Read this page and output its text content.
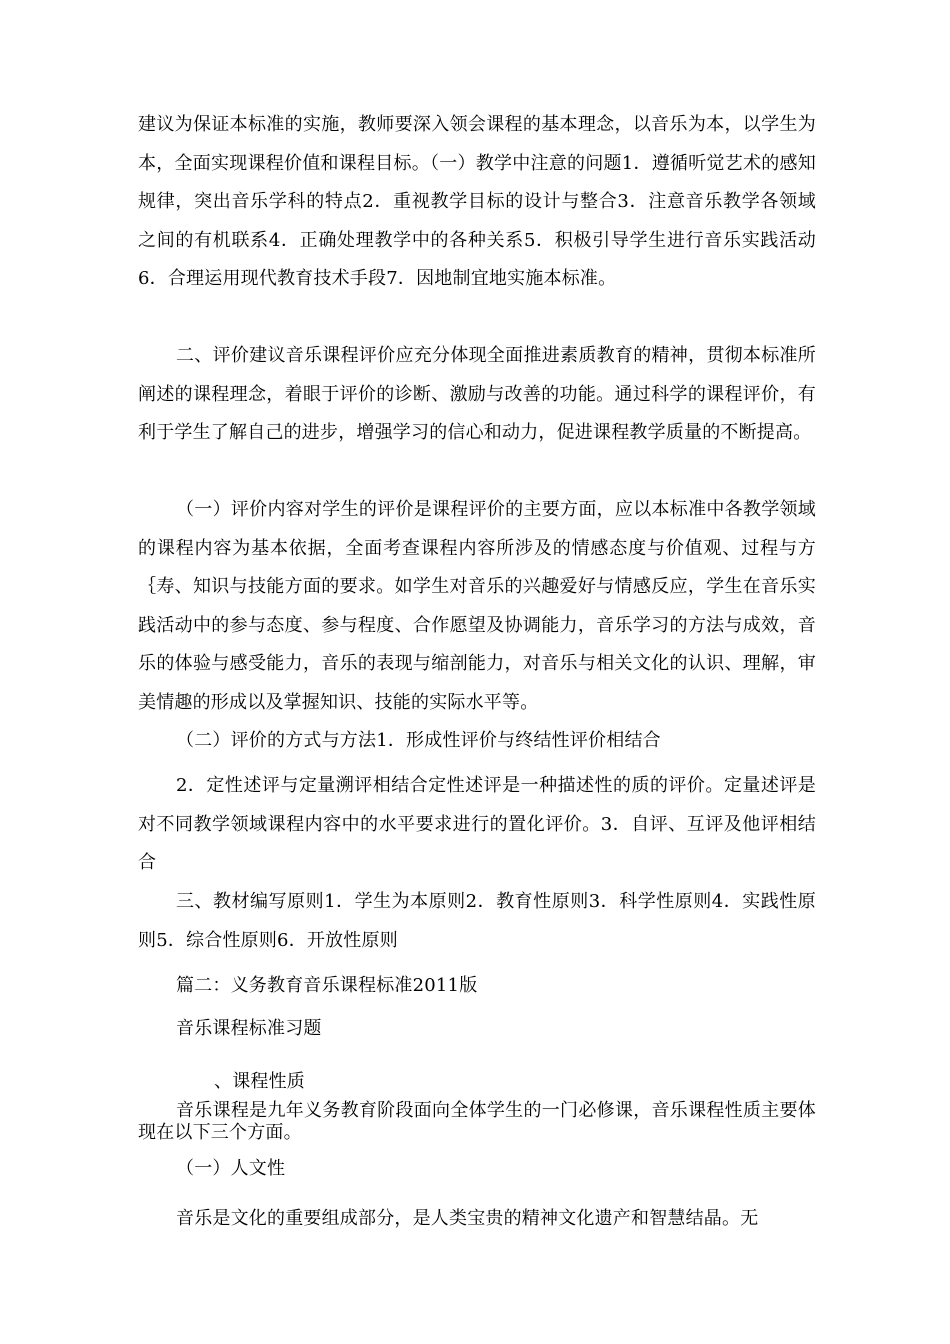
建议为保证本标准的实施，教师要深入领会课程的基本理念，以音乐为本，以学生为本，全面实现课程价值和课程目标。（一）教学中注意的问题1．遵循听觉艺术的感知规律，突出音乐学科的特点2．重视教学目标的设计与整合3．注意音乐教学各领域之间的有机联系4．正确处理教学中的各种关系5．积极引导学生进行音乐实践活动6．合理运用现代教育技术手段7．因地制宜地实施本标准。

二、评价建议音乐课程评价应充分体现全面推进素质教育的精神，贯彻本标准所阐述的课程理念，着眼于评价的诊断、激励与改善的功能。通过科学的课程评价，有利于学生了解自己的进步，增强学习的信心和动力，促进课程教学质量的不断提高。

（一）评价内容对学生的评价是课程评价的主要方面，应以本标准中各教学领域的课程内容为基本依据，全面考查课程内容所涉及的情感态度与价值观、过程与方｛寿、知识与技能方面的要求。如学生对音乐的兴趣爱好与情感反应，学生在音乐实践活动中的参与态度、参与程度、合作愿望及协调能力，音乐学习的方法与成效，音乐的体验与感受能力，音乐的表现与缩剖能力，对音乐与相关文化的认识、理解，审美情趣的形成以及掌握知识、技能的实际水平等。

（二）评价的方式与方法1．形成性评价与终结性评价相结合

2．定性述评与定量溯评相结合定性述评是一种描述性的质的评价。定量述评是对不同教学领域课程内容中的水平要求进行的置化评价。3．自评、互评及他评相结合

三、教材编写原则1．学生为本原则2．教育性原则3．科学性原则4．实践性原则5．综合性原则6．开放性原则

篇二：义务教育音乐课程标准2011版

音乐课程标准习题

、课程性质

音乐课程是九年义务教育阶段面向全体学生的一门必修课，音乐课程性质主要体现在以下三个方面。

（一）人文性

音乐是文化的重要组成部分，是人类宝贵的精神文化遗产和智慧结晶。无
